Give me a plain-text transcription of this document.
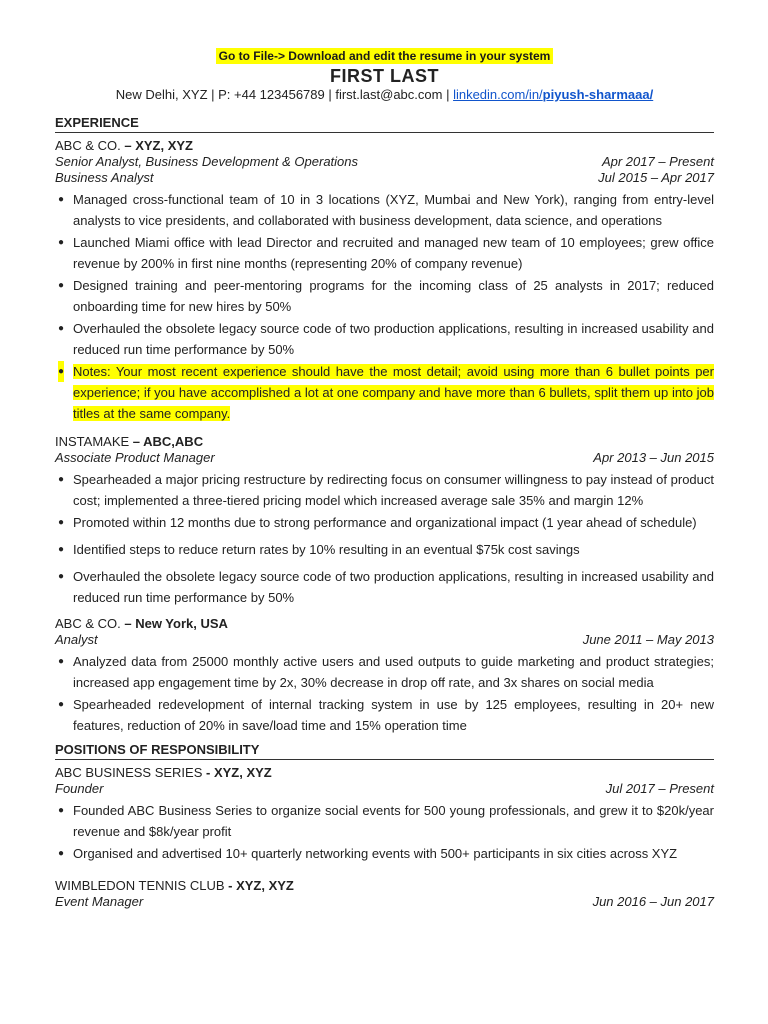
Go to File-> Download and edit the resume in your system
FIRST LAST
New Delhi, XYZ | P: +44 123456789 | first.last@abc.com | linkedin.com/in/piyush-sharmaaa/
EXPERIENCE
ABC & CO. – XYZ, XYZ
Senior Analyst, Business Development & Operations	Apr 2017 – Present
Business Analyst	Jul 2015 – Apr 2017
● Managed cross-functional team of 10 in 3 locations (XYZ, Mumbai and New York), ranging from entry-level analysts to vice presidents, and collaborated with business development, data science, and operations
● Launched Miami office with lead Director and recruited and managed new team of 10 employees; grew office revenue by 200% in first nine months (representing 20% of company revenue)
● Designed training and peer-mentoring programs for the incoming class of 25 analysts in 2017; reduced onboarding time for new hires by 50%
● Overhauled the obsolete legacy source code of two production applications, resulting in increased usability and reduced run time performance by 50%
● Notes: Your most recent experience should have the most detail; avoid using more than 6 bullet points per experience; if you have accomplished a lot at one company and have more than 6 bullets, split them up into job titles at the same company.
INSTAMAKE – ABC,ABC
Associate Product Manager	Apr 2013 – Jun 2015
● Spearheaded a major pricing restructure by redirecting focus on consumer willingness to pay instead of product cost; implemented a three-tiered pricing model which increased average sale 35% and margin 12%
● Promoted within 12 months due to strong performance and organizational impact (1 year ahead of schedule)
● Identified steps to reduce return rates by 10% resulting in an eventual $75k cost savings
● Overhauled the obsolete legacy source code of two production applications, resulting in increased usability and reduced run time performance by 50%
ABC & CO. – New York, USA
Analyst	June 2011 – May 2013
● Analyzed data from 25000 monthly active users and used outputs to guide marketing and product strategies; increased app engagement time by 2x, 30% decrease in drop off rate, and 3x shares on social media
● Spearheaded redevelopment of internal tracking system in use by 125 employees, resulting in 20+ new features, reduction of 20% in save/load time and 15% operation time
POSITIONS OF RESPONSIBILITY
ABC BUSINESS SERIES - XYZ, XYZ
Founder	Jul 2017 – Present
● Founded ABC Business Series to organize social events for 500 young professionals, and grew it to $20k/year revenue and $8k/year profit
● Organised and advertised 10+ quarterly networking events with 500+ participants in six cities across XYZ
WIMBLEDON TENNIS CLUB - XYZ, XYZ
Event Manager	Jun 2016 – Jun 2017
